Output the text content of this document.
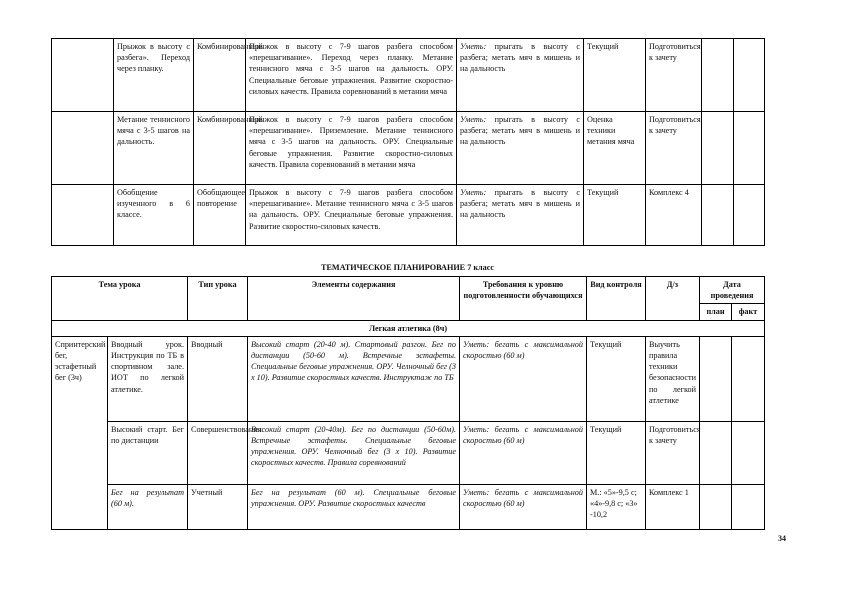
	Прыжок в высоту с разбега». Переход через планку.	Комбинированный	Прыжок в высоту с 7-9 шагов разбега способом «перешагивание». Переход через планку. Метание теннисного мяча с 3-5 шагов на дальность. ОРУ. Специальные беговые упражнения. Развитие скоростно-силовых качеств. Правила соревнований в метании мяча	Уметь: прыгать в высоту с разбега; метать мяч в мишень и на дальность	Текущий	Подготовиться к зачету		
	Метание теннисного мяча с 3-5 шагов на дальность.	Комбинированный	Прыжок в высоту с 7-9 шагов разбега способом «перешагивание». Приземление. Метание теннисного мяча с 3-5 шагов на дальность. ОРУ. Специальные беговые упражнения. Развитие скоростно-силовых качеств. Правила соревнований в метании мяча	Уметь: прыгать в высоту с разбега; метать мяч в мишень и на дальность	Оценка техники метания мяча	Подготовиться к зачету		
	Обобщение изученного в 6 классе.	Обобщающее повторение	Прыжок в высоту с 7-9 шагов разбега способом «перешагивание». Метание теннисного мяча с 3-5 шагов на дальность. ОРУ. Специальные беговые упражнения. Развитие скоростно-силовых качеств.	Уметь: прыгать в высоту с разбега; метать мяч в мишень и на дальность	Текущий	Комплекс 4		
ТЕМАТИЧЕСКОЕ ПЛАНИРОВАНИЕ 7 класс
Тема урока		Тип урока	Элементы содержания	Требования к уровню подготовленности обучающихся	Вид контроля	Д/з	Дата проведения	
							план	факт
Легкая атлетика (8ч)								
Спринтерский бег, эстафетный бег (3ч)	Вводный урок. Инструкция по ТБ в спортивном зале. ИОТ по легкой атлетике.	Вводный	Высокий старт (20-40 м). Стартовый разгон. Бег по дистанции (50-60 м). Встречные эстафеты. Специальные беговые упражнения. ОРУ. Челночный бег (3 х 10). Развитие скоростных качеств. Инструктаж по ТБ	Уметь: бегать с максимальной скоростью (60 м)	Текущий	Выучить правила техники безопасности по легкой атлетике		
	Высокий старт. Бег по дистанции	Совершенствования	Высокий старт (20-40м). Бег по дистанции (50-60м). Встречные эстафеты. Специальные беговые упражнения. ОРУ. Челночный бег (3 х 10). Развитие скоростных качеств. Правила соревнований	Уметь: бегать с максимальной скоростью (60 м)	Текущий	Подготовиться к зачету		
	Бег на результат (60 м).	Учетный	Бег на результат (60 м). Специальные беговые упражнения. ОРУ. Развитие скоростных качеств	Уметь: бегать с максимальной скоростью (60 м)	М.: «5»-9,5 с; «4»-9,8 с; «3» -10,2	Комплекс 1		
34
